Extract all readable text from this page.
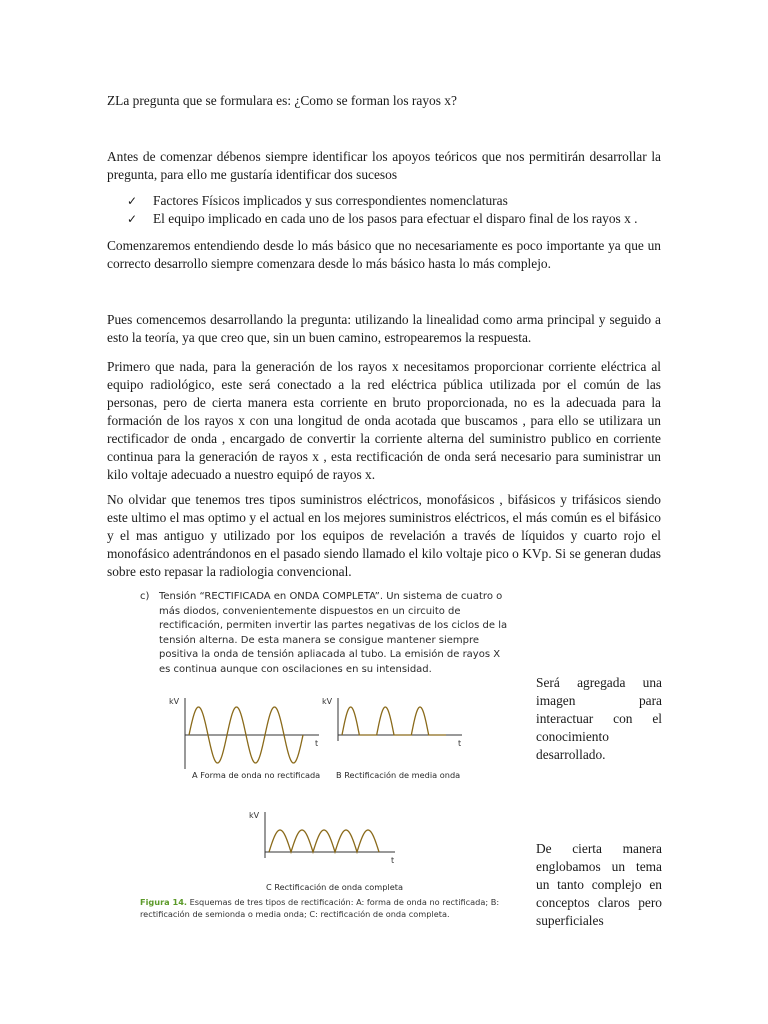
ZLa pregunta que se formulara es: ¿Como se forman los rayos x?
Antes de comenzar débenos siempre identificar los apoyos teóricos que nos permitirán desarrollar la pregunta, para ello me gustaría identificar dos sucesos
✓ Factores Físicos implicados y sus correspondientes nomenclaturas
✓ El equipo implicado en cada uno de los pasos para efectuar el disparo final de los rayos x .
Comenzaremos entendiendo desde lo más básico que no necesariamente es poco importante ya que un correcto desarrollo siempre comenzara desde lo más básico hasta lo más complejo.
Pues comencemos desarrollando la pregunta: utilizando la linealidad como arma principal y seguido a esto la teoría, ya que creo que, sin un buen camino, estropearemos la respuesta.
Primero que nada, para la generación de los rayos x necesitamos proporcionar corriente eléctrica al equipo radiológico, este será conectado a la red eléctrica pública utilizada por el común de las personas, pero de cierta manera esta corriente en bruto proporcionada, no es la adecuada para la formación de los rayos x con una longitud de onda acotada que buscamos , para ello se utilizara un rectificador de onda , encargado de convertir la corriente alterna del suministro publico en corriente continua para la generación de rayos x , esta rectificación de onda será necesario para suministrar un kilo voltaje adecuado a nuestro equipó de rayos x.
No olvidar que tenemos tres tipos suministros eléctricos, monofásicos , bifásicos y trifásicos siendo este ultimo el mas optimo y el actual en los mejores suministros eléctricos, el más común es el bifásico y el mas antiguo y utilizado por los equipos de revelación a través de líquidos y cuarto rojo el monofásico adentrándonos en el pasado siendo llamado el kilo voltaje pico o KVp. Si se generan dudas sobre esto repasar la radiologia convencional.
c) Tensión “RECTIFICADA en ONDA COMPLETA”. Un sistema de cuatro o más diodos, convenientemente dispuestos en un circuito de rectificación, permiten invertir las partes negativas de los ciclos de la tensión alterna. De esta manera se consigue mantener siempre positiva la onda de tensión apliacada al tubo. La emisión de rayos X es continua aunque con oscilaciones en su intensidad.
kV
t
A Forma de onda no rectificada
kV
t
B Rectificación de media onda
kV
t
C Rectificación de onda completa
Figura 14. Esquemas de tres tipos de rectificación: A: forma de onda no rectificada; B: rectificación de semionda o media onda; C: rectificación de onda completa.
Será agregada una imagen para interactuar con el conocimiento desarrollado.
De cierta manera englobamos un tema un tanto complejo en conceptos claros pero superficiales
